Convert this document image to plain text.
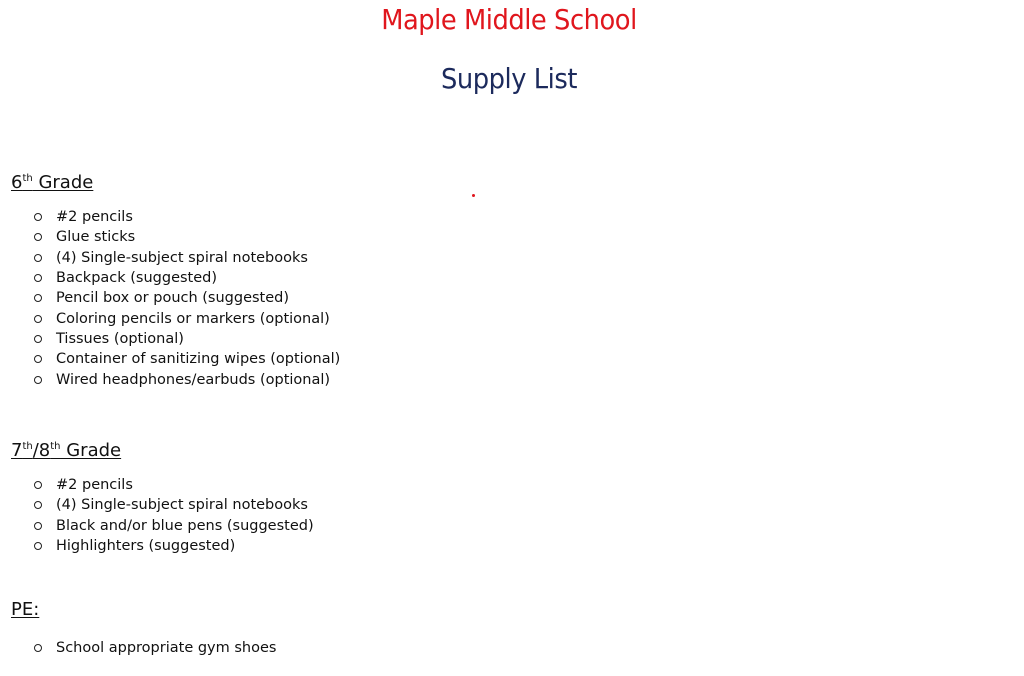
Maple Middle School
Supply List
6th Grade
#2 pencils
Glue sticks
(4) Single-subject spiral notebooks
Backpack (suggested)
Pencil box or pouch (suggested)
Coloring pencils or markers (optional)
Tissues (optional)
Container of sanitizing wipes (optional)
Wired headphones/earbuds (optional)
7th/8th Grade
#2 pencils
(4) Single-subject spiral notebooks
Black and/or blue pens (suggested)
Highlighters (suggested)
PE:
School appropriate gym shoes
